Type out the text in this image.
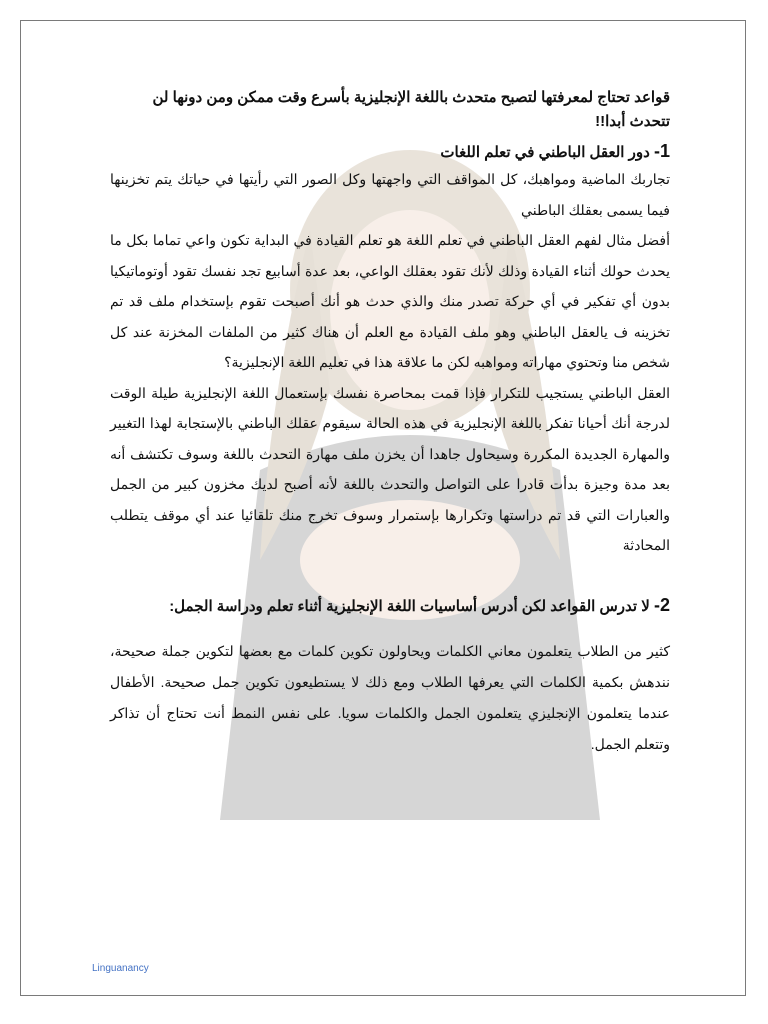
قواعد تحتاج لمعرفتها لتصبح متحدث باللغة الإنجليزية بأسرع وقت ممكن ومن دونها لن تتحدث أبدا!!

1- دور العقل الباطني في تعلم اللغات

تجاربك الماضية ومواهبك، كل المواقف التي واجهتها وكل الصور التي رأيتها في حياتك يتم تخزينها فيما يسمى بعقلك الباطني

أفضل مثال لفهم العقل الباطني في تعلم اللغة هو تعلم القيادة في البداية تكون واعي تماما بكل ما يحدث حولك أثناء القيادة وذلك لأنك تقود بعقلك الواعي، بعد عدة أسابيع تجد نفسك تقود أوتوماتيكيا بدون أي تفكير في أي حركة تصدر منك والذي حدث هو أنك أصبحت تقوم بإستخدام ملف قد تم تخزينه ف يالعقل الباطني وهو ملف القيادة مع العلم أن هناك كثير من الملفات المخزنة عند كل شخص منا وتحتوي مهاراته ومواهبه لكن ما علاقة هذا في تعليم اللغة الإنجليزية؟

العقل الباطني يستجيب للتكرار فإذا قمت بمحاصرة نفسك بإستعمال اللغة الإنجليزية طيلة الوقت لدرجة أنك أحيانا تفكر باللغة الإنجليزية في هذه الحالة سيقوم عقلك الباطني بالإستجابة لهذا التغيير والمهارة الجديدة المكررة وسيحاول جاهدا أن يخزن ملف مهارة التحدث باللغة وسوف تكتشف أنه بعد مدة وجيزة بدأت قادرا على التواصل والتحدث باللغة لأنه أصبح لديك مخزون كبير من الجمل والعبارات التي قد تم دراستها وتكرارها بإستمرار وسوف تخرج منك تلقائيا عند أي موقف يتطلب المحادثة

2- لا تدرس القواعد لكن أدرس أساسيات اللغة الإنجليزية أثناء تعلم ودراسة الجمل:

كثير من الطلاب يتعلمون معاني الكلمات ويحاولون تكوين كلمات مع بعضها لتكوين جملة صحيحة، نندهش بكمية الكلمات التي يعرفها الطلاب ومع ذلك لا يستطيعون تكوين جمل صحيحة. الأطفال عندما يتعلمون الإنجليزي يتعلمون الجمل والكلمات سويا. على نفس النمط أنت تحتاج أن تذاكر وتتعلم الجمل.

Linguanancy
